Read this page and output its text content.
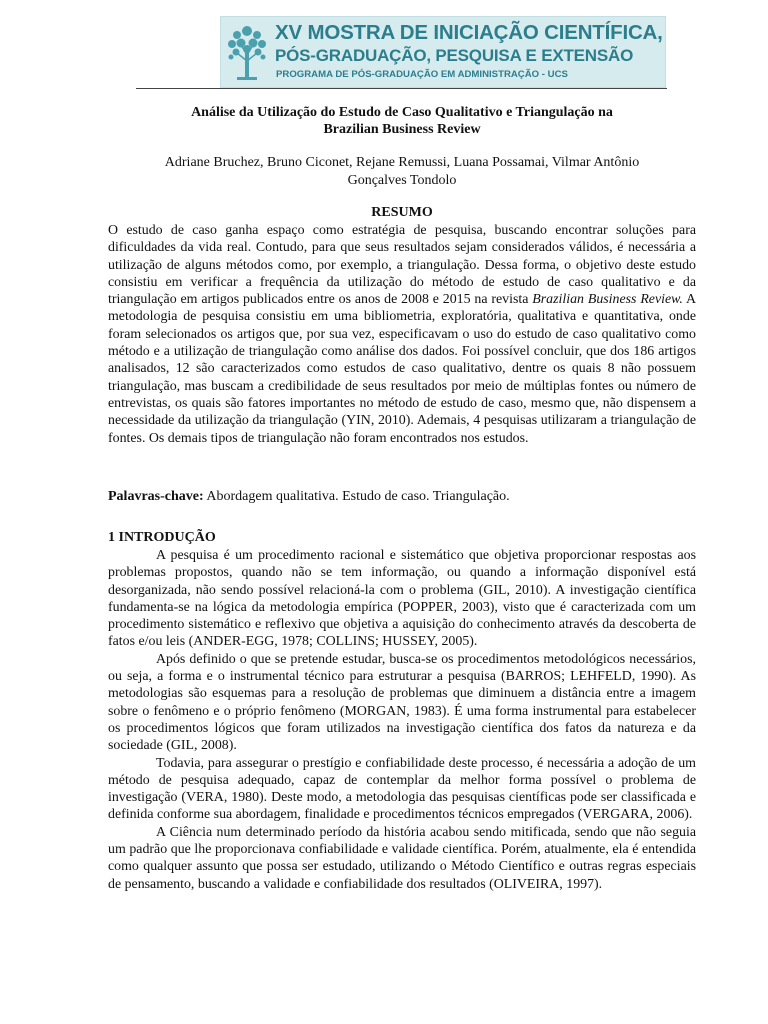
XV MOSTRA DE INICIAÇÃO CIENTÍFICA,
PÓS-GRADUAÇÃO, PESQUISA E EXTENSÃO
PROGRAMA DE PÓS-GRADUAÇÃO EM ADMINISTRAÇÃO - UCS
Análise da Utilização do Estudo de Caso Qualitativo e Triangulação na
Brazilian Business Review
Adriane Bruchez, Bruno Ciconet, Rejane Remussi, Luana Possamai, Vilmar Antônio
Gonçalves Tondolo
RESUMO

O estudo de caso ganha espaço como estratégia de pesquisa, buscando encontrar soluções para dificuldades da vida real. Contudo, para que seus resultados sejam considerados válidos, é necessária a utilização de alguns métodos como, por exemplo, a triangulação. Dessa forma, o objetivo deste estudo consistiu em verificar a frequência da utilização do método de estudo de caso qualitativo e da triangulação em artigos publicados entre os anos de 2008 e 2015 na revista Brazilian Business Review. A metodologia de pesquisa consistiu em uma bibliometria, exploratória, qualitativa e quantitativa, onde foram selecionados os artigos que, por sua vez, especificavam o uso do estudo de caso qualitativo como método e a utilização de triangulação como análise dos dados. Foi possível concluir, que dos 186 artigos analisados, 12 são caracterizados como estudos de caso qualitativo, dentre os quais 8 não possuem triangulação, mas buscam a credibilidade de seus resultados por meio de múltiplas fontes ou número de entrevistas, os quais são fatores importantes no método de estudo de caso, mesmo que, não dispensem a necessidade da utilização da triangulação (YIN, 2010). Ademais, 4 pesquisas utilizaram a triangulação de fontes. Os demais tipos de triangulação não foram encontrados nos estudos.

Palavras-chave: Abordagem qualitativa. Estudo de caso. Triangulação.

1 INTRODUÇÃO

A pesquisa é um procedimento racional e sistemático que objetiva proporcionar respostas aos problemas propostos, quando não se tem informação, ou quando a informação disponível está desorganizada, não sendo possível relacioná-la com o problema (GIL, 2010). A investigação científica fundamenta-se na lógica da metodologia empírica (POPPER, 2003), visto que é caracterizada com um procedimento sistemático e reflexivo que objetiva a aquisição do conhecimento através da descoberta de fatos e/ou leis (ANDER-EGG, 1978; COLLINS; HUSSEY, 2005).

Após definido o que se pretende estudar, busca-se os procedimentos metodológicos necessários, ou seja, a forma e o instrumental técnico para estruturar a pesquisa (BARROS; LEHFELD, 1990). As metodologias são esquemas para a resolução de problemas que diminuem a distância entre a imagem sobre o fenômeno e o próprio fenômeno (MORGAN, 1983). É uma forma instrumental para estabelecer os procedimentos lógicos que foram utilizados na investigação científica dos fatos da natureza e da sociedade (GIL, 2008).

Todavia, para assegurar o prestígio e confiabilidade deste processo, é necessária a adoção de um método de pesquisa adequado, capaz de contemplar da melhor forma possível o problema de investigação (VERA, 1980). Deste modo, a metodologia das pesquisas científicas pode ser classificada e definida conforme sua abordagem, finalidade e procedimentos técnicos empregados (VERGARA, 2006).

A Ciência num determinado período da história acabou sendo mitificada, sendo que não seguia um padrão que lhe proporcionava confiabilidade e validade científica. Porém, atualmente, ela é entendida como qualquer assunto que possa ser estudado, utilizando o Método Científico e outras regras especiais de pensamento, buscando a validade e confiabilidade dos resultados (OLIVEIRA, 1997).
